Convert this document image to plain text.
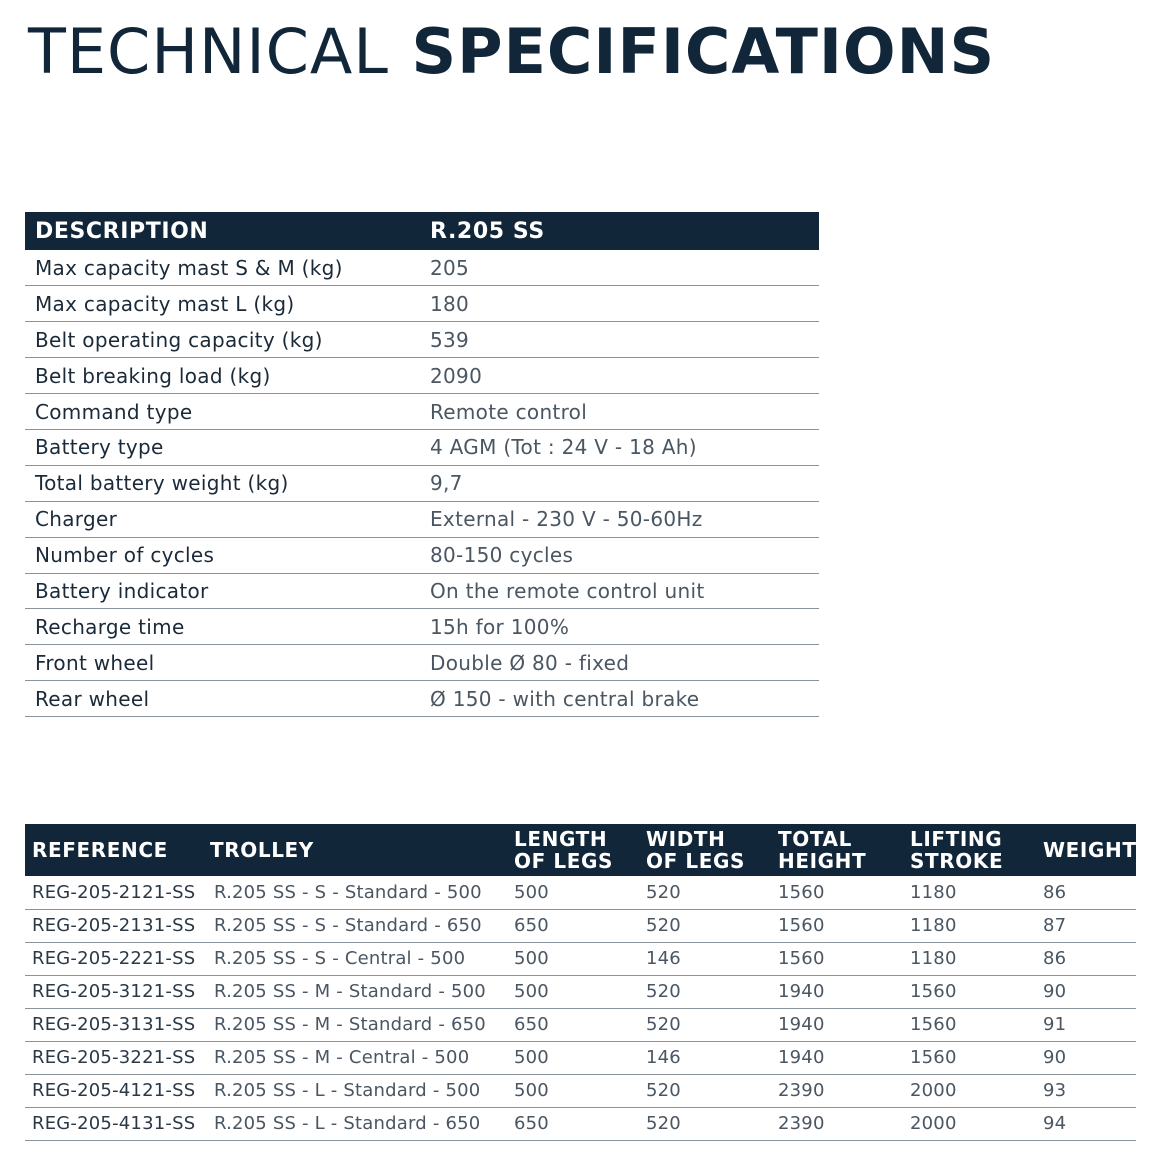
TECHNICAL SPECIFICATIONS
DESCRIPTION	R.205 SS
Max capacity mast S & M (kg)	205
Max capacity mast L (kg)	180
Belt operating capacity (kg)	539
Belt breaking load (kg)	2090
Command type	Remote control
Battery type	4 AGM (Tot : 24 V - 18 Ah)
Total battery weight (kg)	9,7
Charger	External - 230 V - 50-60Hz
Number of cycles	80-150 cycles
Battery indicator	On the remote control unit
Recharge time	15h for 100%
Front wheel	Double Ø 80 - fixed
Rear wheel	Ø 150 - with central brake
REFERENCE	TROLLEY	LENGTH OF LEGS	WIDTH OF LEGS	TOTAL HEIGHT	LIFTING STROKE	WEIGHT
REG-205-2121-SS	R.205 SS - S - Standard - 500	500	520	1560	1180	86
REG-205-2131-SS	R.205 SS - S - Standard - 650	650	520	1560	1180	87
REG-205-2221-SS	R.205 SS - S - Central - 500	500	146	1560	1180	86
REG-205-3121-SS	R.205 SS - M - Standard - 500	500	520	1940	1560	90
REG-205-3131-SS	R.205 SS - M - Standard - 650	650	520	1940	1560	91
REG-205-3221-SS	R.205 SS - M - Central - 500	500	146	1940	1560	90
REG-205-4121-SS	R.205 SS - L - Standard - 500	500	520	2390	2000	93
REG-205-4131-SS	R.205 SS - L - Standard - 650	650	520	2390	2000	94
